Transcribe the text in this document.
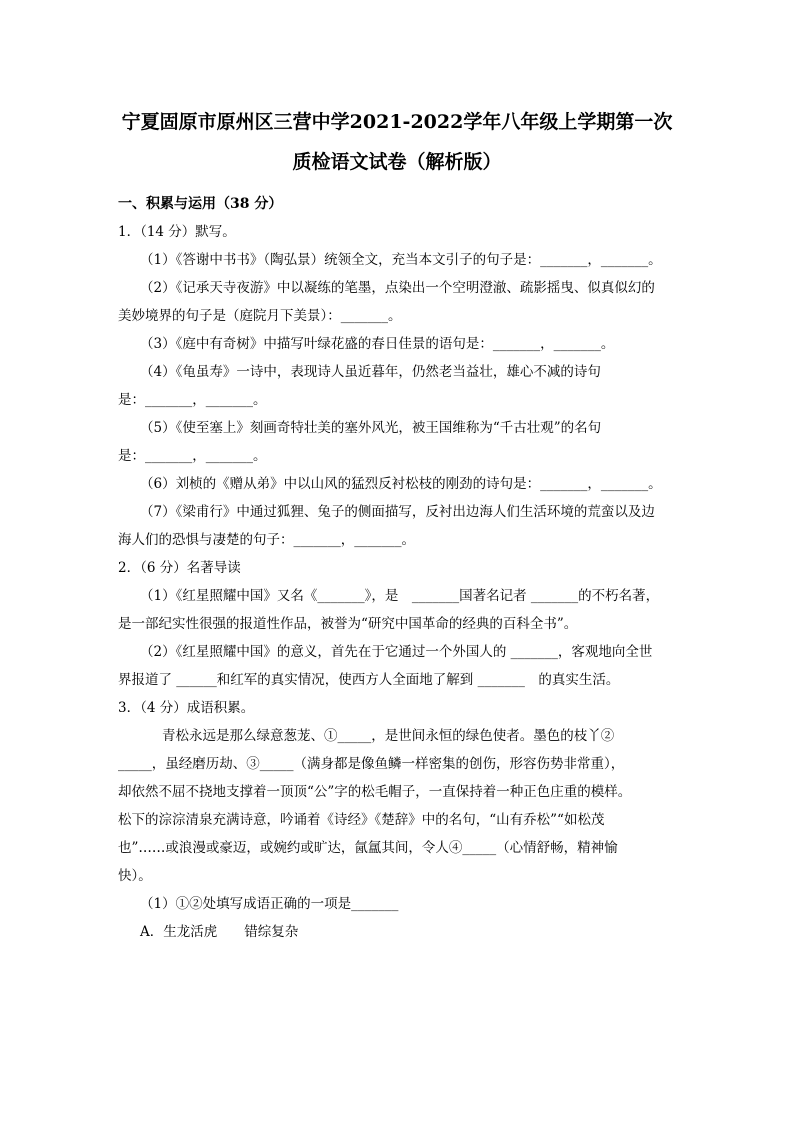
宁夏固原市原州区三营中学2021-2022学年八年级上学期第一次
质检语文试卷（解析版）
一、积累与运用（38 分）

1．（14 分）默写。

（1）《答谢中书书》（陶弘景）统领全文，充当本文引子的句子是：_______，_______。

（2）《记承天寺夜游》中以凝练的笔墨，点染出一个空明澄澈、疏影摇曳、似真似幻的

美妙境界的句子是（庭院月下美景）：_______。

（3）《庭中有奇树》中描写叶绿花盛的春日佳景的语句是：_______，_______。

（4）《龟虽寿》一诗中，表现诗人虽近暮年，仍然老当益壮，雄心不减的诗句

是：_______，_______。

（5）《使至塞上》刻画奇特壮美的塞外风光，被王国维称为“千古壮观”的名句

是：_______，_______。

（6）刘桢的《赠从弟》中以山风的猛烈反衬松枝的刚劲的诗句是：_______，_______。

（7）《梁甫行》中通过狐狸、兔子的侧面描写，反衬出边海人们生活环境的荒蛮以及边

海人们的恐惧与凄楚的句子：_______，_______。

2．（6 分）名著导读

（1）《红星照耀中国》又名《_______》，是　_______国著名记者 _______的不朽名著，

是一部纪实性很强的报道性作品，被誉为“研究中国革命的经典的百科全书”。

（2）《红星照耀中国》的意义，首先在于它通过一个外国人的 _______，客观地向全世

界报道了 ______和红军的真实情况，使西方人全面地了解到 _______　的真实生活。

3．（4 分）成语积累。

青松永远是那么绿意葱茏、①_____，是世间永恒的绿色使者。墨色的枝丫②

_____，虽经磨历劫、③_____（满身都是像鱼鳞一样密集的创伤，形容伤势非常重），

却依然不屈不挠地支撑着一顶顶“公”字的松毛帽子，一直保持着一种正色庄重的模样。

松下的淙淙清泉充满诗意，吟诵着《诗经》《楚辞》中的名句，“山有乔松”“如松茂

也”……或浪漫或豪迈，或婉约或旷达，氤氲其间，令人④_____（心情舒畅，精神愉

快）。

（1）①②处填写成语正确的一项是_______

A．生龙活虎　　错综复杂
